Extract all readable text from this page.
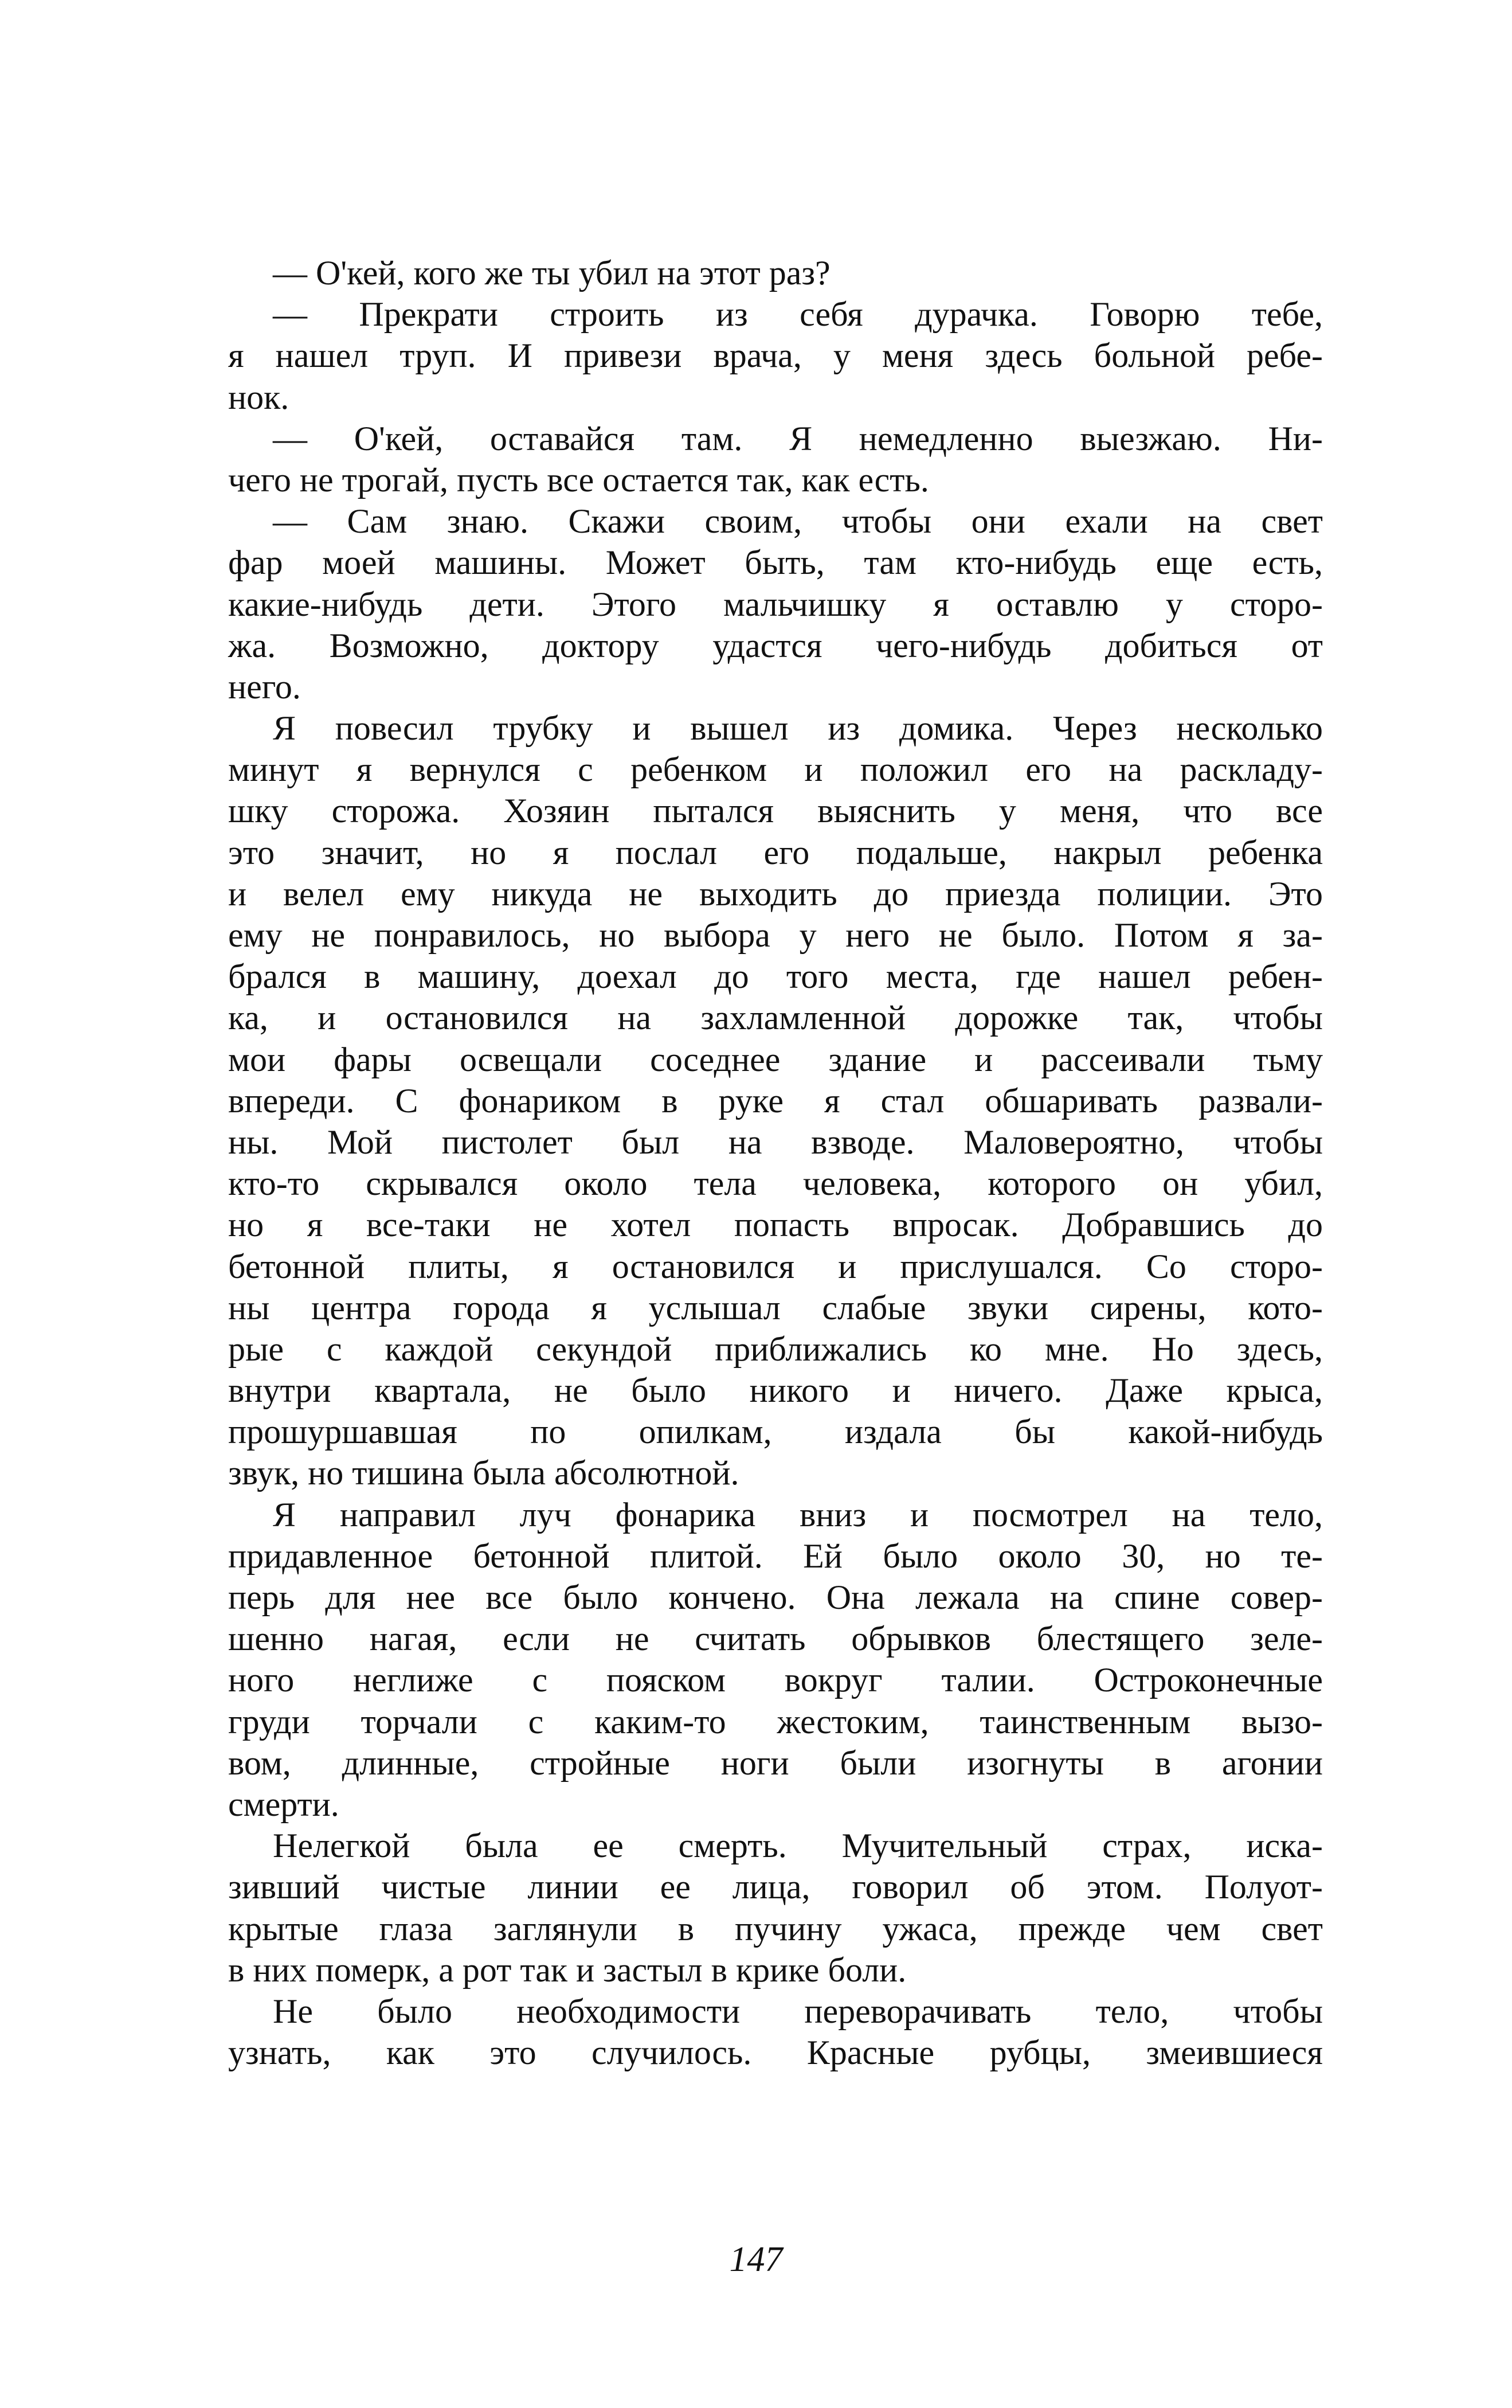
— О'кей, кого же ты убил на этот раз?
— Прекрати строить из себя дурачка. Говорю тебе,
я нашел труп. И привези врача, у меня здесь больной ребе-
нок.
— О'кей, оставайся там. Я немедленно выезжаю. Ни-
чего не трогай, пусть все остается так, как есть.
— Сам знаю. Скажи своим, чтобы они ехали на свет
фар моей машины. Может быть, там кто-нибудь еще есть,
какие-нибудь дети. Этого мальчишку я оставлю у сторо-
жа. Возможно, доктору удастся чего-нибудь добиться от
него.
Я повесил трубку и вышел из домика. Через несколько
минут я вернулся с ребенком и положил его на раскладу-
шку сторожа. Хозяин пытался выяснить у меня, что все
это значит, но я послал его подальше, накрыл ребенка
и велел ему никуда не выходить до приезда полиции. Это
ему не понравилось, но выбора у него не было. Потом я за-
брался в машину, доехал до того места, где нашел ребен-
ка, и остановился на захламленной дорожке так, чтобы
мои фары освещали соседнее здание и рассеивали тьму
впереди. С фонариком в руке я стал обшаривать развали-
ны. Мой пистолет был на взводе. Маловероятно, чтобы
кто-то скрывался около тела человека, которого он убил,
но я все-таки не хотел попасть впросак. Добравшись до
бетонной плиты, я остановился и прислушался. Со сторо-
ны центра города я услышал слабые звуки сирены, кото-
рые с каждой секундой приближались ко мне. Но здесь,
внутри квартала, не было никого и ничего. Даже крыса,
прошуршавшая по опилкам, издала бы какой-нибудь
звук, но тишина была абсолютной.
Я направил луч фонарика вниз и посмотрел на тело,
придавленное бетонной плитой. Ей было около 30, но те-
перь для нее все было кончено. Она лежала на спине совер-
шенно нагая, если не считать обрывков блестящего зеле-
ного неглиже с пояском вокруг талии. Остроконечные
груди торчали с каким-то жестоким, таинственным вызо-
вом, длинные, стройные ноги были изогнуты в агонии
смерти.
Нелегкой была ее смерть. Мучительный страх, иска-
зивший чистые линии ее лица, говорил об этом. Полуот-
крытые глаза заглянули в пучину ужаса, прежде чем свет
в них померк, а рот так и застыл в крике боли.
Не было необходимости переворачивать тело, чтобы
узнать, как это случилось. Красные рубцы, змеившиеся
147
